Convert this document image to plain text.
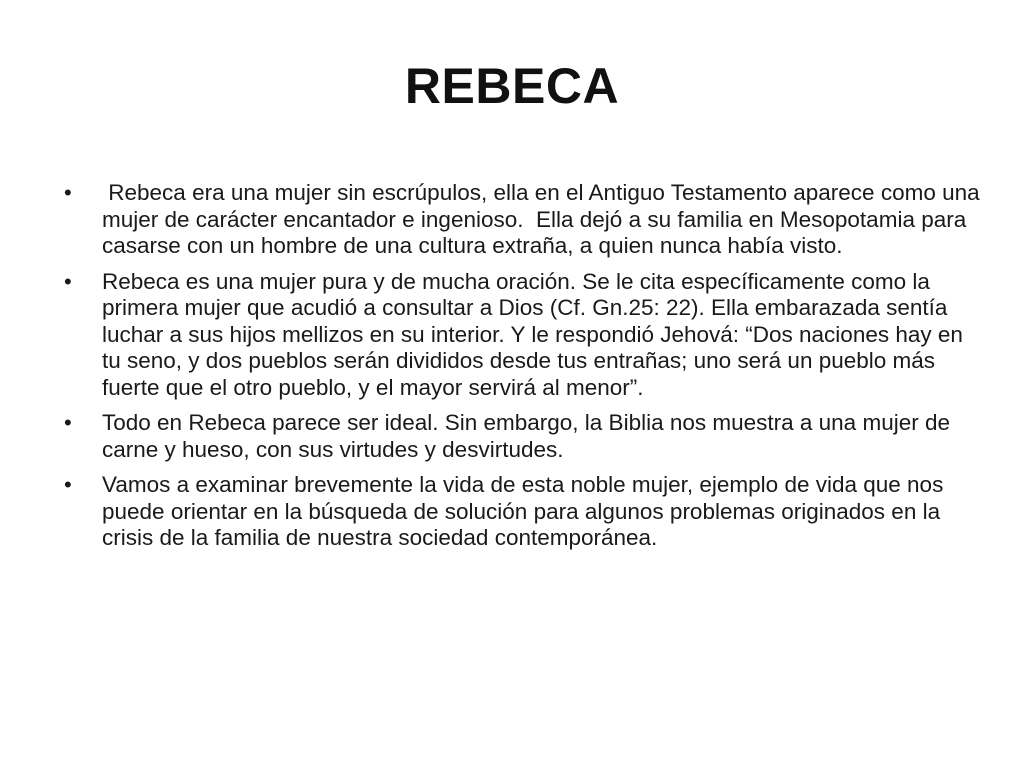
REBECA
• Rebeca era una mujer sin escrúpulos, ella en el Antiguo Testamento aparece como una mujer de carácter encantador e ingenioso.  Ella dejó a su familia en Mesopotamia para casarse con un hombre de una cultura extraña, a quien nunca había visto.
• Rebeca es una mujer pura y de mucha oración. Se le cita específicamente como la primera mujer que acudió a consultar a Dios (Cf. Gn.25: 22). Ella embarazada sentía luchar a sus hijos mellizos en su interior. Y le respondió Jehová: “Dos naciones hay en tu seno, y dos pueblos serán divididos desde tus entrañas; uno será un pueblo más fuerte que el otro pueblo, y el mayor servirá al menor”.
• Todo en Rebeca parece ser ideal. Sin embargo, la Biblia nos muestra a una mujer de carne y hueso, con sus virtudes y desvirtudes.
• Vamos a examinar brevemente la vida de esta noble mujer, ejemplo de vida que nos puede orientar en la búsqueda de solución para algunos problemas originados en la crisis de la familia de nuestra sociedad contemporánea.
